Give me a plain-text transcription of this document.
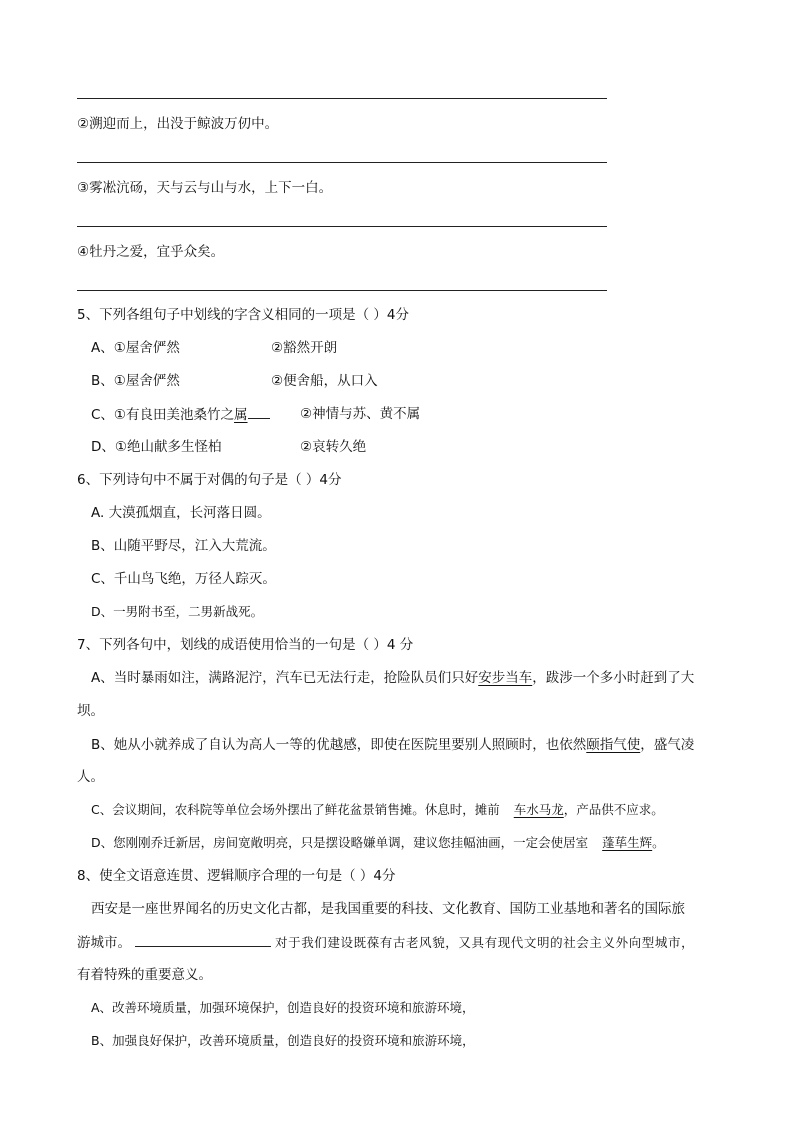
②溯迎而上，出没于鲸波万仞中。
③雾凇沆砀，天与云与山与水，上下一白。
④牡丹之爱，宜乎众矣。
5、下列各组句子中划线的字含义相同的一项是（ ）4分
A、①屋舍俨然	②豁然开朗
B、①屋舍俨然	②便舍船，从口入
C、①有良田美池桑竹之属	②神情与苏、黄不属
D、①绝山献多生怪柏	②哀转久绝
6、下列诗句中不属于对偶的句子是（ ）4分
A. 大漠孤烟直，长河落日圆。
B、山随平野尽，江入大荒流。
C、千山鸟飞绝，万径人踪灭。
D、一男附书至，二男新战死。
7、下列各句中，划线的成语使用恰当的一句是（ ）4 分
A、当时暴雨如注，满路泥泞，汽车已无法行走，抢险队员们只好安步当车，跋涉一个多小时赶到了大
坝。
B、她从小就养成了自认为高人一等的优越感，即使在医院里要别人照顾时，也依然颐指气使，盛气凌
人。
C、会议期间，农科院等单位会场外摆出了鲜花盆景销售摊。休息时，摊前 车水马龙，产品供不应求。
D、您刚刚乔迁新居，房间宽敞明亮，只是摆设略嫌单调，建议您挂幅油画，一定会使居室 蓬荜生辉。
8、使全文语意连贯、逻辑顺序合理的一句是（ ）4分
西安是一座世界闻名的历史文化古都，是我国重要的科技、文化教育、国防工业基地和著名的国际旅
游城市。	对于我们建设既葆有古老风貌，又具有现代文明的社会主义外向型城市，
有着特殊的重要意义。
A、改善环境质量，加强环境保护，创造良好的投资环境和旅游环境，
B、加强良好保护，改善环境质量，创造良好的投资环境和旅游环境，
